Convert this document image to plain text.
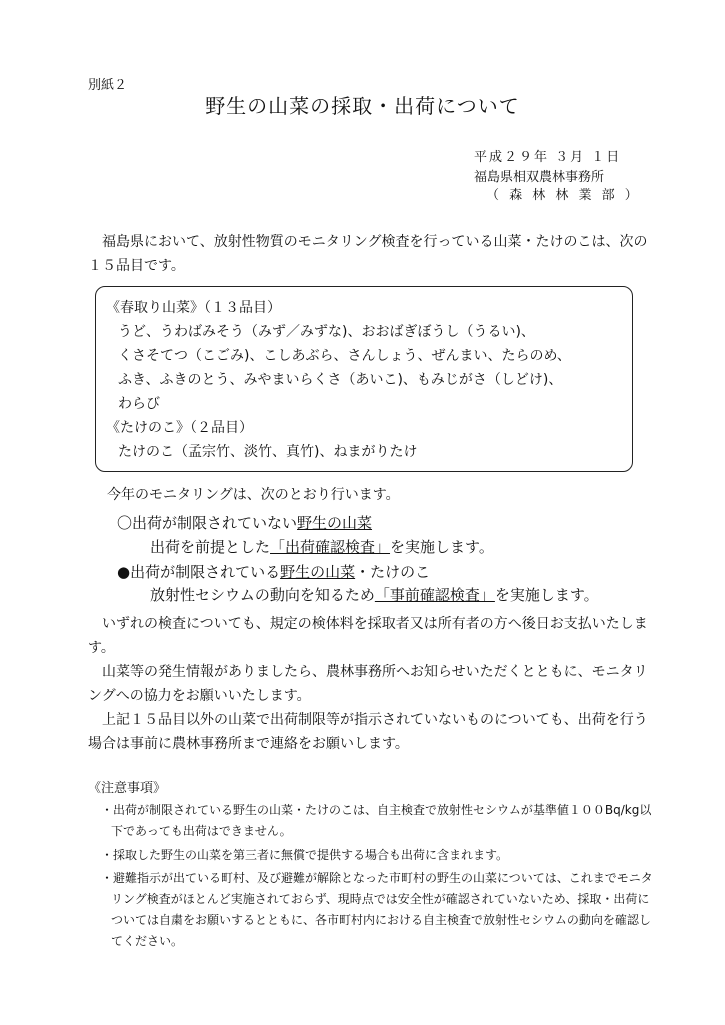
別紙２
野生の山菜の採取・出荷について
平成２９年 ３月 １日
福島県相双農林事務所
（ 森 林 林 業 部 ）
福島県において、放射性物質のモニタリング検査を行っている山菜・たけのこは、次の１５品目です。
《春取り山菜》（１３品目）
うど、うわばみそう（みず／みずな)、おおばぎぼうし（うるい)、
くさそてつ（こごみ)、こしあぶら、さんしょう、ぜんまい、たらのめ、
ふき、ふきのとう、みやまいらくさ（あいこ)、もみじがさ（しどけ)、
わらび
《たけのこ》（２品目）
たけのこ（孟宗竹、淡竹、真竹)、ねまがりたけ
今年のモニタリングは、次のとおり行います。
〇出荷が制限されていない野生の山菜
出荷を前提とした「出荷確認検査」を実施します。
●出荷が制限されている野生の山菜・たけのこ
放射性セシウムの動向を知るため「事前確認検査」を実施します。
いずれの検査についても、規定の検体料を採取者又は所有者の方へ後日お支払いたします。
山菜等の発生情報がありましたら、農林事務所へお知らせいただくとともに、モニタリングへの協力をお願いいたします。
上記１５品目以外の山菜で出荷制限等が指示されていないものについても、出荷を行う場合は事前に農林事務所まで連絡をお願いします。
《注意事項》
・出荷が制限されている野生の山菜・たけのこは、自主検査で放射性セシウムが基準値１００Bq/kg以下であっても出荷はできません。
・採取した野生の山菜を第三者に無償で提供する場合も出荷に含まれます。
・避難指示が出ている町村、及び避難が解除となった市町村の野生の山菜については、これまでモニタリング検査がほとんど実施されておらず、現時点では安全性が確認されていないため、採取・出荷については自粛をお願いするとともに、各市町村内における自主検査で放射性セシウムの動向を確認してください。
